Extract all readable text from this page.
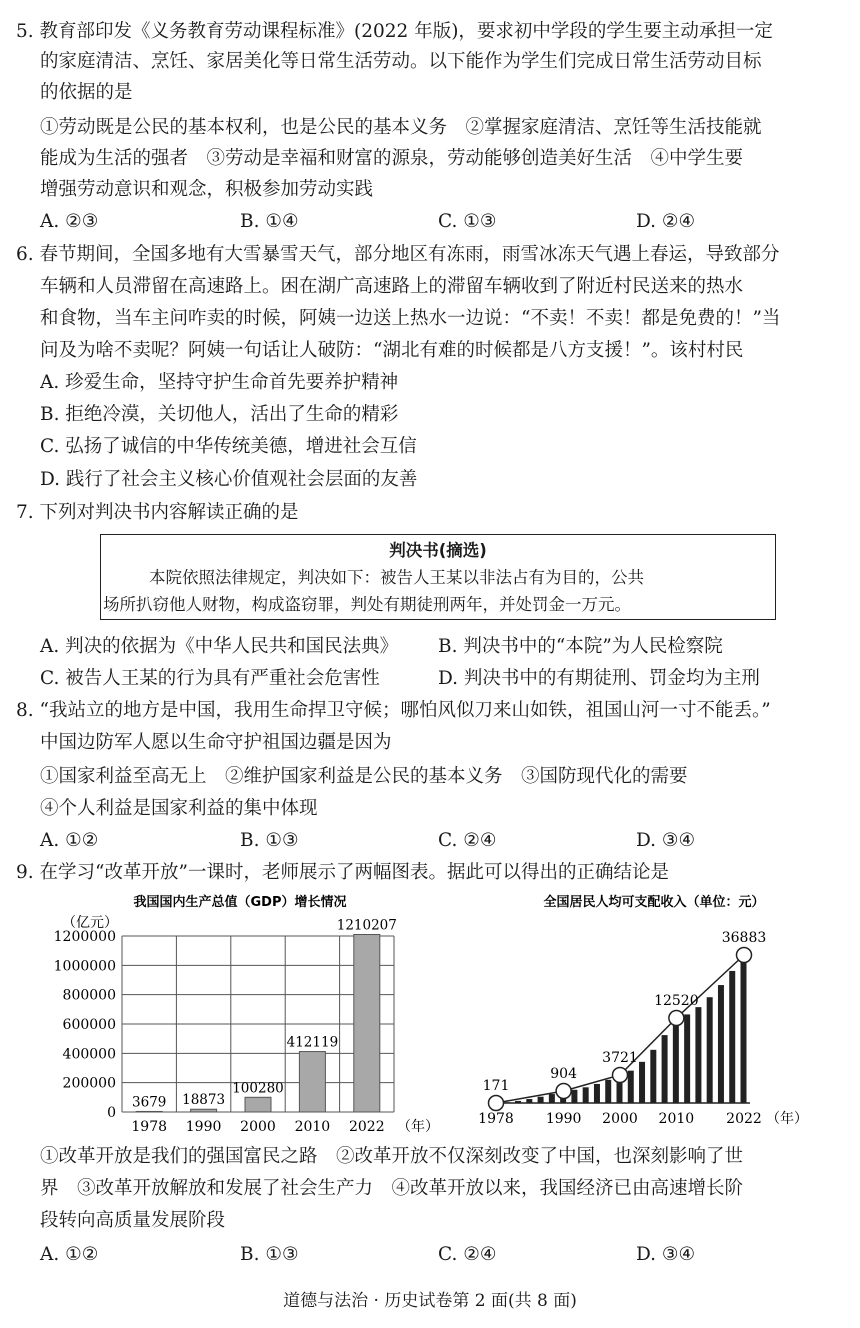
5. 教育部印发《义务教育劳动课程标准》(2022 年版)，要求初中学段的学生要主动承担一定
的家庭清洁、烹饪、家居美化等日常生活劳动。以下能作为学生们完成日常生活劳动目标
的依据的是
①劳动既是公民的基本权利，也是公民的基本义务　②掌握家庭清洁、烹饪等生活技能就
能成为生活的强者　③劳动是幸福和财富的源泉，劳动能够创造美好生活　④中学生要
增强劳动意识和观念，积极参加劳动实践
A. ②③	B. ①④	C. ①③	D. ②④
6. 春节期间，全国多地有大雪暴雪天气，部分地区有冻雨，雨雪冰冻天气遇上春运，导致部分
车辆和人员滞留在高速路上。困在湖广高速路上的滞留车辆收到了附近村民送来的热水
和食物，当车主问咋卖的时候，阿姨一边送上热水一边说：“不卖！不卖！都是免费的！”当
问及为啥不卖呢？阿姨一句话让人破防：“湖北有难的时候都是八方支援！”。该村村民
A. 珍爱生命，坚持守护生命首先要养护精神
B. 拒绝冷漠，关切他人，活出了生命的精彩
C. 弘扬了诚信的中华传统美德，增进社会互信
D. 践行了社会主义核心价值观社会层面的友善
7. 下列对判决书内容解读正确的是
判决书(摘选)
本院依照法律规定，判决如下：被告人王某以非法占有为目的，公共
场所扒窃他人财物，构成盗窃罪，判处有期徒刑两年，并处罚金一万元。
A. 判决的依据为《中华人民共和国民法典》 B. 判决书中的“本院”为人民检察院
C. 被告人王某的行为具有严重社会危害性	D. 判决书中的有期徒刑、罚金均为主刑
8. “我站立的地方是中国，我用生命捍卫守候；哪怕风似刀来山如铁，祖国山河一寸不能丢。”
中国边防军人愿以生命守护祖国边疆是因为
①国家利益至高无上　②维护国家利益是公民的基本义务　③国防现代化的需要
④个人利益是国家利益的集中体现
A. ①②	B. ①③	C. ②④	D. ③④
9. 在学习“改革开放”一课时，老师展示了两幅图表。据此可以得出的正确结论是
我国国内生产总值（GDP）增长情况
（亿元）
0
200000
400000
600000
800000
1000000
1200000
3679
1978
18873
1990
100280
2000
412119
2010
1210207
2022 （年）
全国居民人均可支配收入（单位：元）
171
904
3721
12520
36883
1978 1990 2000 2010 2022 （年）
①改革开放是我们的强国富民之路　②改革开放不仅深刻改变了中国，也深刻影响了世
界　③改革开放解放和发展了社会生产力　④改革开放以来，我国经济已由高速增长阶
段转向高质量发展阶段
A. ①②	B. ①③	C. ②④	D. ③④
道德与法治 · 历史试卷第 2 面(共 8 面)
